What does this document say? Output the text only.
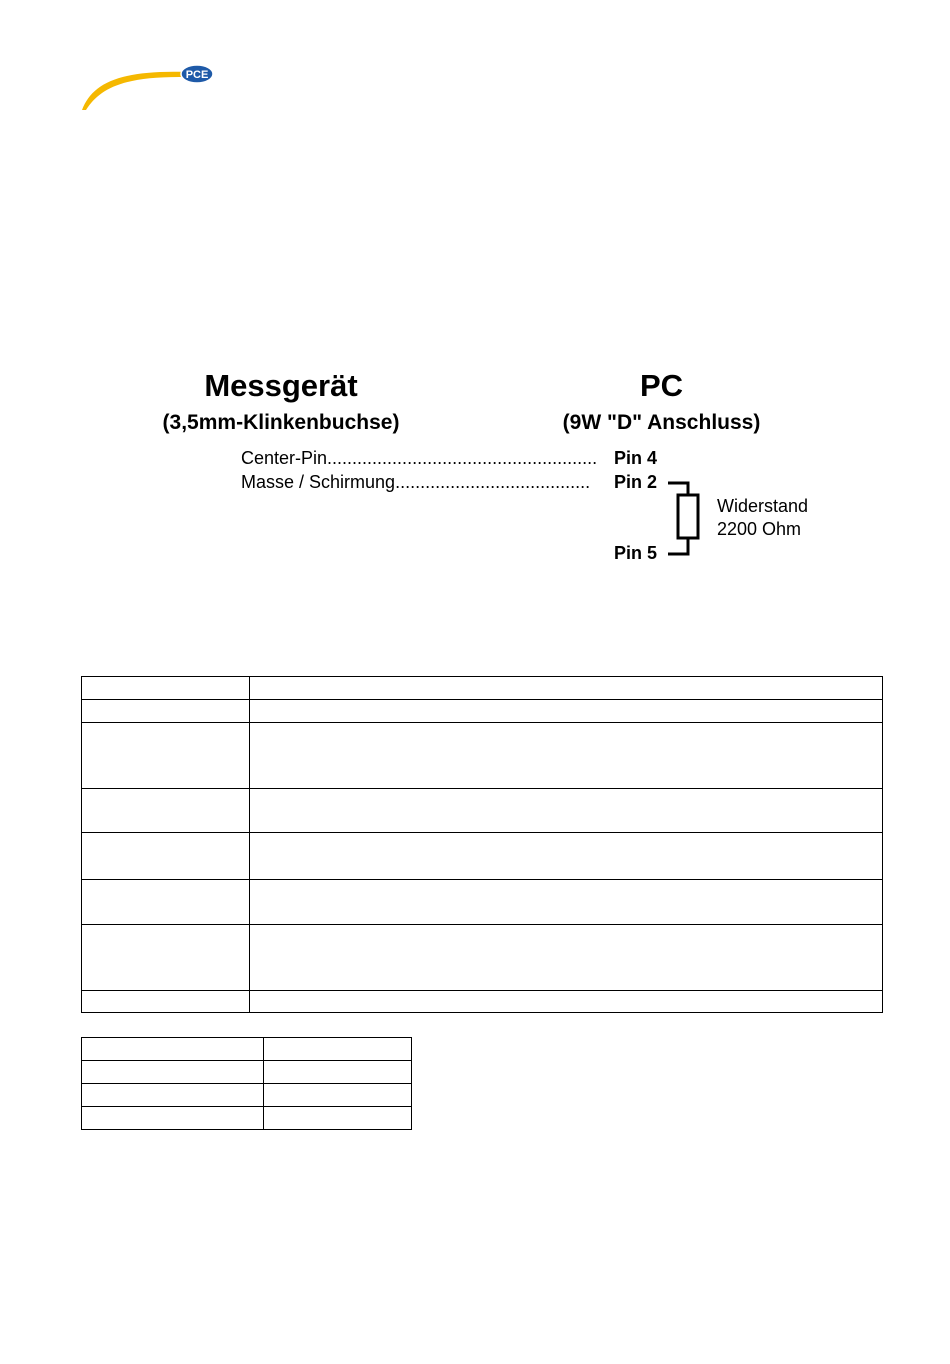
PCE
Messgerät
(3,5mm-Klinkenbuchse)
PC
(9W "D" Anschluss)
Center-Pin...................................................... Pin 4
Masse / Schirmung....................................... Pin 2
Pin 5
Widerstand
2200 Ohm
